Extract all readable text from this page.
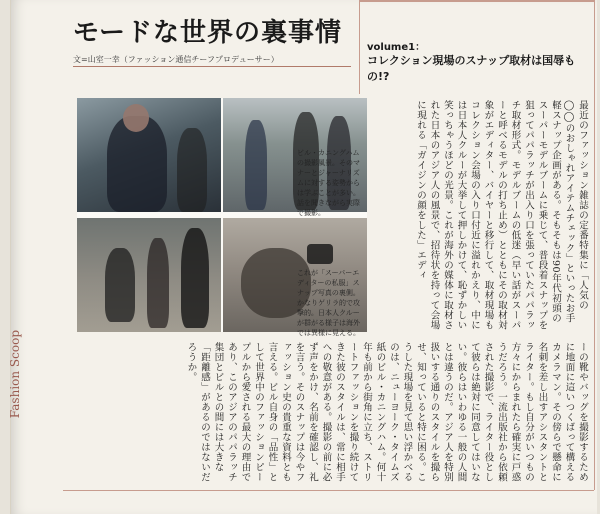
モードな世界の裏事情
文=山室一幸（ファッション通信チーフプロデューサー）
volume1：
コレクション現場のスナップ取材は国辱もの!?
ビル・カニングハムの撮影風景。そのマナーとジャーナリズムに対する姿勢からは学ぶことが多い。話を聞きながら実際で撮影。
これが「スーパーエディターの私服」スナップ写真の裏側。かなりゲリラ的で攻撃的。日本人クルーが群がる様子は海外では異様に見える。
最近のファッション雑誌の定番特集に「人気の◯◯のおしゃれアイテムチェック」といったお手軽スナップ企画がある。そもそもは90年代初頭のスーパーモデルブームに乗じて、普段着スナップを狙ってパパラッチが出入り口を張っていたパパラッチ取材形式。モデルブームの低迷（早い話がスーパーと呼べるモデルの打ち止め）とともにその取材対象がエディター、バイヤーと移行して、取材現場もコレクション会場の入り口付近に溢れかえり、中には日本人クルーが大挙して押しかけて、恥ずかしい笑っちゃうほどの光景。これが海外の媒体に取材された日本のアジア人の風景で、招待状を持って会場に現れる「ガイジンの顔をした」エディ
ーの靴やバッグを撮影するために地面に這いつくばって構えるカメラマン。その傍らで懸命に名刺を差し出すアシスタントとライター。もし自分がいつもの方々にからまれたら確実に戸惑うだろう。一流出版社から依頼された撮影で、ライター役として彼らは絶対に同意してはいない。彼らはいわゆる一般の人間とは違うのだ。アジア人を特別扱いする通りのスタイルを撮らせ、知っていると特に困る。こうした現場を見て思い浮かべるのは、ニューヨーク・タイムズ紙のビル・カニングハム。何十年も前から街角に立ち、ストリートファッションを撮り続けてきた彼のスタイルは、常に相手への敬意がある。撮影の前に必ず声をかけ、名前を確認し、礼を言う。そのスナップは今やファッション史の貴重な資料とも言える。ビル自身の「品性」として世界中のファッションピープルから愛される最大の理由であり、このアジアのパパラッチ集団とビルとの間には大きな「距離感」があるのではないだろうか。
Fashion Scoop
